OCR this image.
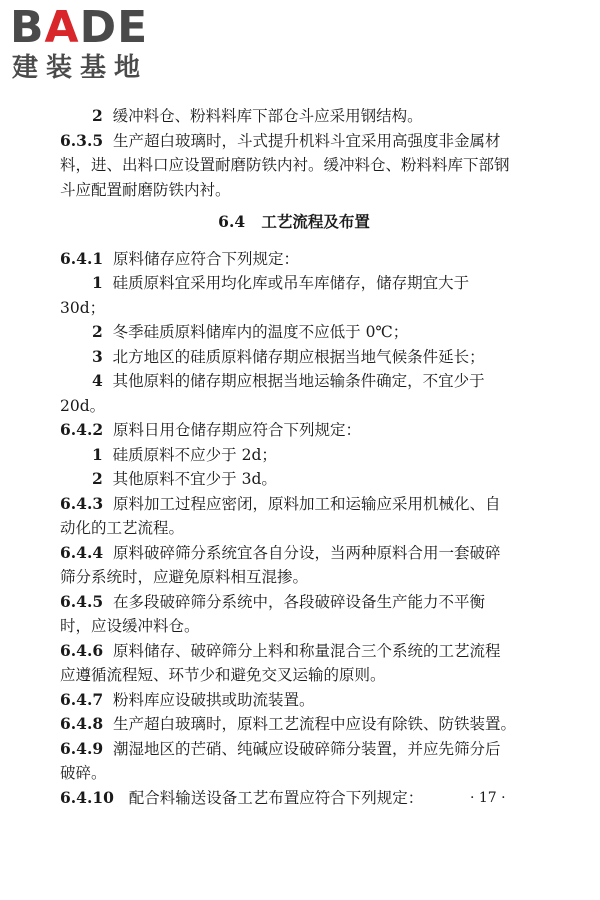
BADE
建装基地

2 缓冲料仓、粉料料库下部仓斗应采用钢结构。

6.3.5 生产超白玻璃时，斗式提升机料斗宜采用高强度非金属材

料，进、出料口应设置耐磨防铁内衬。缓冲料仓、粉料料库下部钢

斗应配置耐磨防铁内衬。

6.4 工艺流程及布置

6.4.1 原料储存应符合下列规定：

1 硅质原料宜采用均化库或吊车库储存，储存期宜大于

30d；

2 冬季硅质原料储库内的温度不应低于 0℃；

3 北方地区的硅质原料储存期应根据当地气候条件延长；

4 其他原料的储存期应根据当地运输条件确定，不宜少于

20d。

6.4.2 原料日用仓储存期应符合下列规定：

1 硅质原料不应少于 2d；

2 其他原料不宜少于 3d。

6.4.3 原料加工过程应密闭，原料加工和运输应采用机械化、自

动化的工艺流程。

6.4.4 原料破碎筛分系统宜各自分设，当两种原料合用一套破碎

筛分系统时，应避免原料相互混掺。

6.4.5 在多段破碎筛分系统中，各段破碎设备生产能力不平衡

时，应设缓冲料仓。

6.4.6 原料储存、破碎筛分上料和称量混合三个系统的工艺流程

应遵循流程短、环节少和避免交叉运输的原则。

6.4.7 粉料库应设破拱或助流装置。

6.4.8 生产超白玻璃时，原料工艺流程中应设有除铁、防铁装置。

6.4.9 潮湿地区的芒硝、纯碱应设破碎筛分装置，并应先筛分后

破碎。

6.4.10 配合料输送设备工艺布置应符合下列规定：	· 17 ·
